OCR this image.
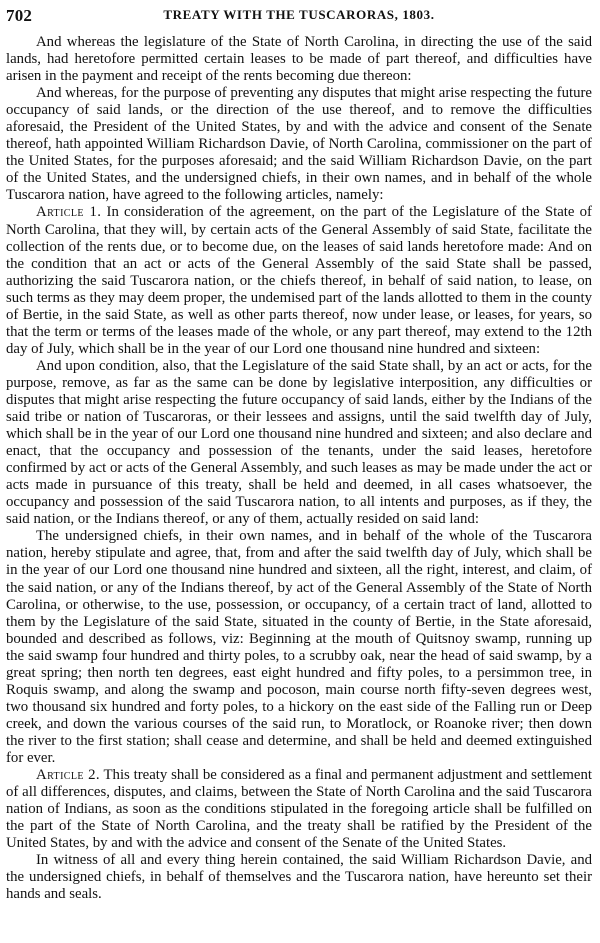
702	TREATY WITH THE TUSCARORAS, 1803.

And whereas the legislature of the State of North Carolina, in directing the use of the said lands, had heretofore permitted certain leases to be made of part thereof, and difficulties have arisen in the payment and receipt of the rents becoming due thereon:

And whereas, for the purpose of preventing any disputes that might arise respecting the future occupancy of said lands, or the direction of the use thereof, and to remove the difficulties aforesaid, the President of the United States, by and with the advice and consent of the Senate thereof, hath appointed William Richardson Davie, of North Carolina, commissioner on the part of the United States, for the purposes aforesaid; and the said William Richardson Davie, on the part of the United States, and the undersigned chiefs, in their own names, and in behalf of the whole Tuscarora nation, have agreed to the following articles, namely:

Article 1. In consideration of the agreement, on the part of the Legislature of the State of North Carolina, that they will, by certain acts of the General Assembly of said State, facilitate the collection of the rents due, or to become due, on the leases of said lands heretofore made: And on the condition that an act or acts of the General Assembly of the said State shall be passed, authorizing the said Tuscarora nation, or the chiefs thereof, in behalf of said nation, to lease, on such terms as they may deem proper, the undemised part of the lands allotted to them in the county of Bertie, in the said State, as well as other parts thereof, now under lease, or leases, for years, so that the term or terms of the leases made of the whole, or any part thereof, may extend to the 12th day of July, which shall be in the year of our Lord one thousand nine hundred and sixteen:

And upon condition, also, that the Legislature of the said State shall, by an act or acts, for the purpose, remove, as far as the same can be done by legislative interposition, any difficulties or disputes that might arise respecting the future occupancy of said lands, either by the Indians of the said tribe or nation of Tuscaroras, or their lessees and assigns, until the said twelfth day of July, which shall be in the year of our Lord one thousand nine hundred and sixteen; and also declare and enact, that the occupancy and possession of the tenants, under the said leases, heretofore confirmed by act or acts of the General Assembly, and such leases as may be made under the act or acts made in pursuance of this treaty, shall be held and deemed, in all cases whatsoever, the occupancy and possession of the said Tuscarora nation, to all intents and purposes, as if they, the said nation, or the Indians thereof, or any of them, actually resided on said land:

The undersigned chiefs, in their own names, and in behalf of the whole of the Tuscarora nation, hereby stipulate and agree, that, from and after the said twelfth day of July, which shall be in the year of our Lord one thousand nine hundred and sixteen, all the right, interest, and claim, of the said nation, or any of the Indians thereof, by act of the General Assembly of the State of North Carolina, or otherwise, to the use, possession, or occupancy, of a certain tract of land, allotted to them by the Legislature of the said State, situated in the county of Bertie, in the State aforesaid, bounded and described as follows, viz: Beginning at the mouth of Quitsnoy swamp, running up the said swamp four hundred and thirty poles, to a scrubby oak, near the head of said swamp, by a great spring; then north ten degrees, east eight hundred and fifty poles, to a persimmon tree, in Roquis swamp, and along the swamp and pocoson, main course north fifty-seven degrees west, two thousand six hundred and forty poles, to a hickory on the east side of the Falling run or Deep creek, and down the various courses of the said run, to Moratlock, or Roanoke river; then down the river to the first station; shall cease and determine, and shall be held and deemed extinguished for ever.

Article 2. This treaty shall be considered as a final and permanent adjustment and settlement of all differences, disputes, and claims, between the State of North Carolina and the said Tuscarora nation of Indians, as soon as the conditions stipulated in the foregoing article shall be fulfilled on the part of the State of North Carolina, and the treaty shall be ratified by the President of the United States, by and with the advice and consent of the Senate of the United States.

In witness of all and every thing herein contained, the said William Richardson Davie, and the undersigned chiefs, in behalf of themselves and the Tuscarora nation, have hereunto set their hands and seals.
